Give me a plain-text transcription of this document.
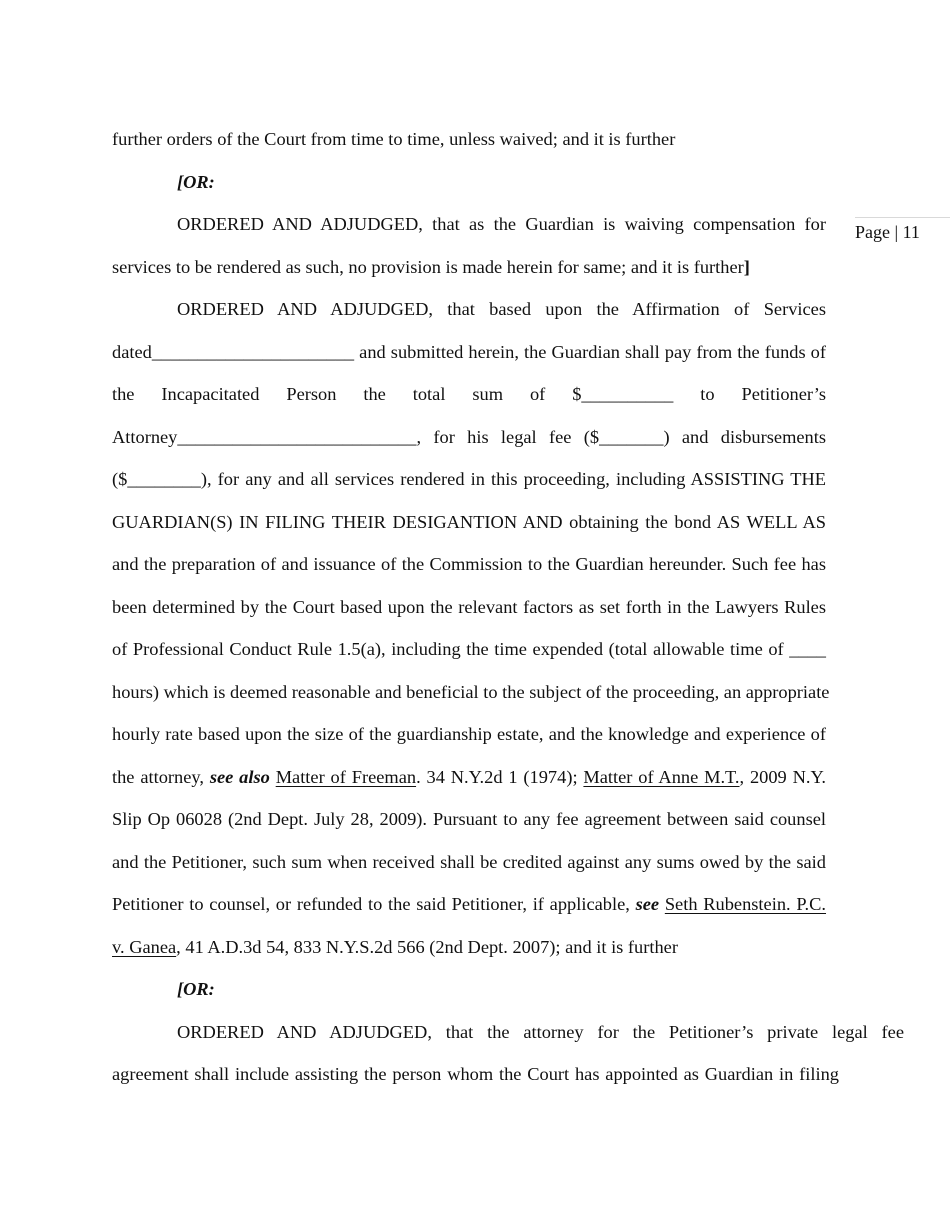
Page | 11
further orders of the Court from time to time, unless waived; and it is further
[OR:
ORDERED AND ADJUDGED, that as the Guardian is waiving compensation for
services to be rendered as such, no provision is made herein for same; and it is further]
ORDERED AND ADJUDGED, that based upon the Affirmation of Services
dated______________________ and submitted herein, the Guardian shall pay from the funds of
the Incapacitated Person the total sum of $__________ to Petitioner’s
Attorney__________________________, for his legal fee ($_______) and disbursements
($________), for any and all services rendered in this proceeding, including ASSISTING THE
GUARDIAN(S) IN FILING THEIR DESIGANTION AND obtaining the bond AS WELL AS
and the preparation of and issuance of the Commission to the Guardian hereunder. Such fee has
been determined by the Court based upon the relevant factors as set forth in the Lawyers Rules
of Professional Conduct Rule 1.5(a), including the time expended (total allowable time of ____
hours) which is deemed reasonable and beneficial to the subject of the proceeding, an appropriate
hourly rate based upon the size of the guardianship estate, and the knowledge and experience of
the attorney, see also Matter of Freeman. 34 N.Y.2d 1 (1974); Matter of Anne M.T., 2009 N.Y.
Slip Op 06028 (2nd Dept. July 28, 2009). Pursuant to any fee agreement between said counsel
and the Petitioner, such sum when received shall be credited against any sums owed by the said
Petitioner to counsel, or refunded to the said Petitioner, if applicable, see Seth Rubenstein. P.C.
v. Ganea, 41 A.D.3d 54, 833 N.Y.S.2d 566 (2nd Dept. 2007); and it is further
[OR:
ORDERED AND ADJUDGED, that the attorney for the Petitioner’s private legal fee
agreement shall include assisting the person whom the Court has appointed as Guardian in filing
